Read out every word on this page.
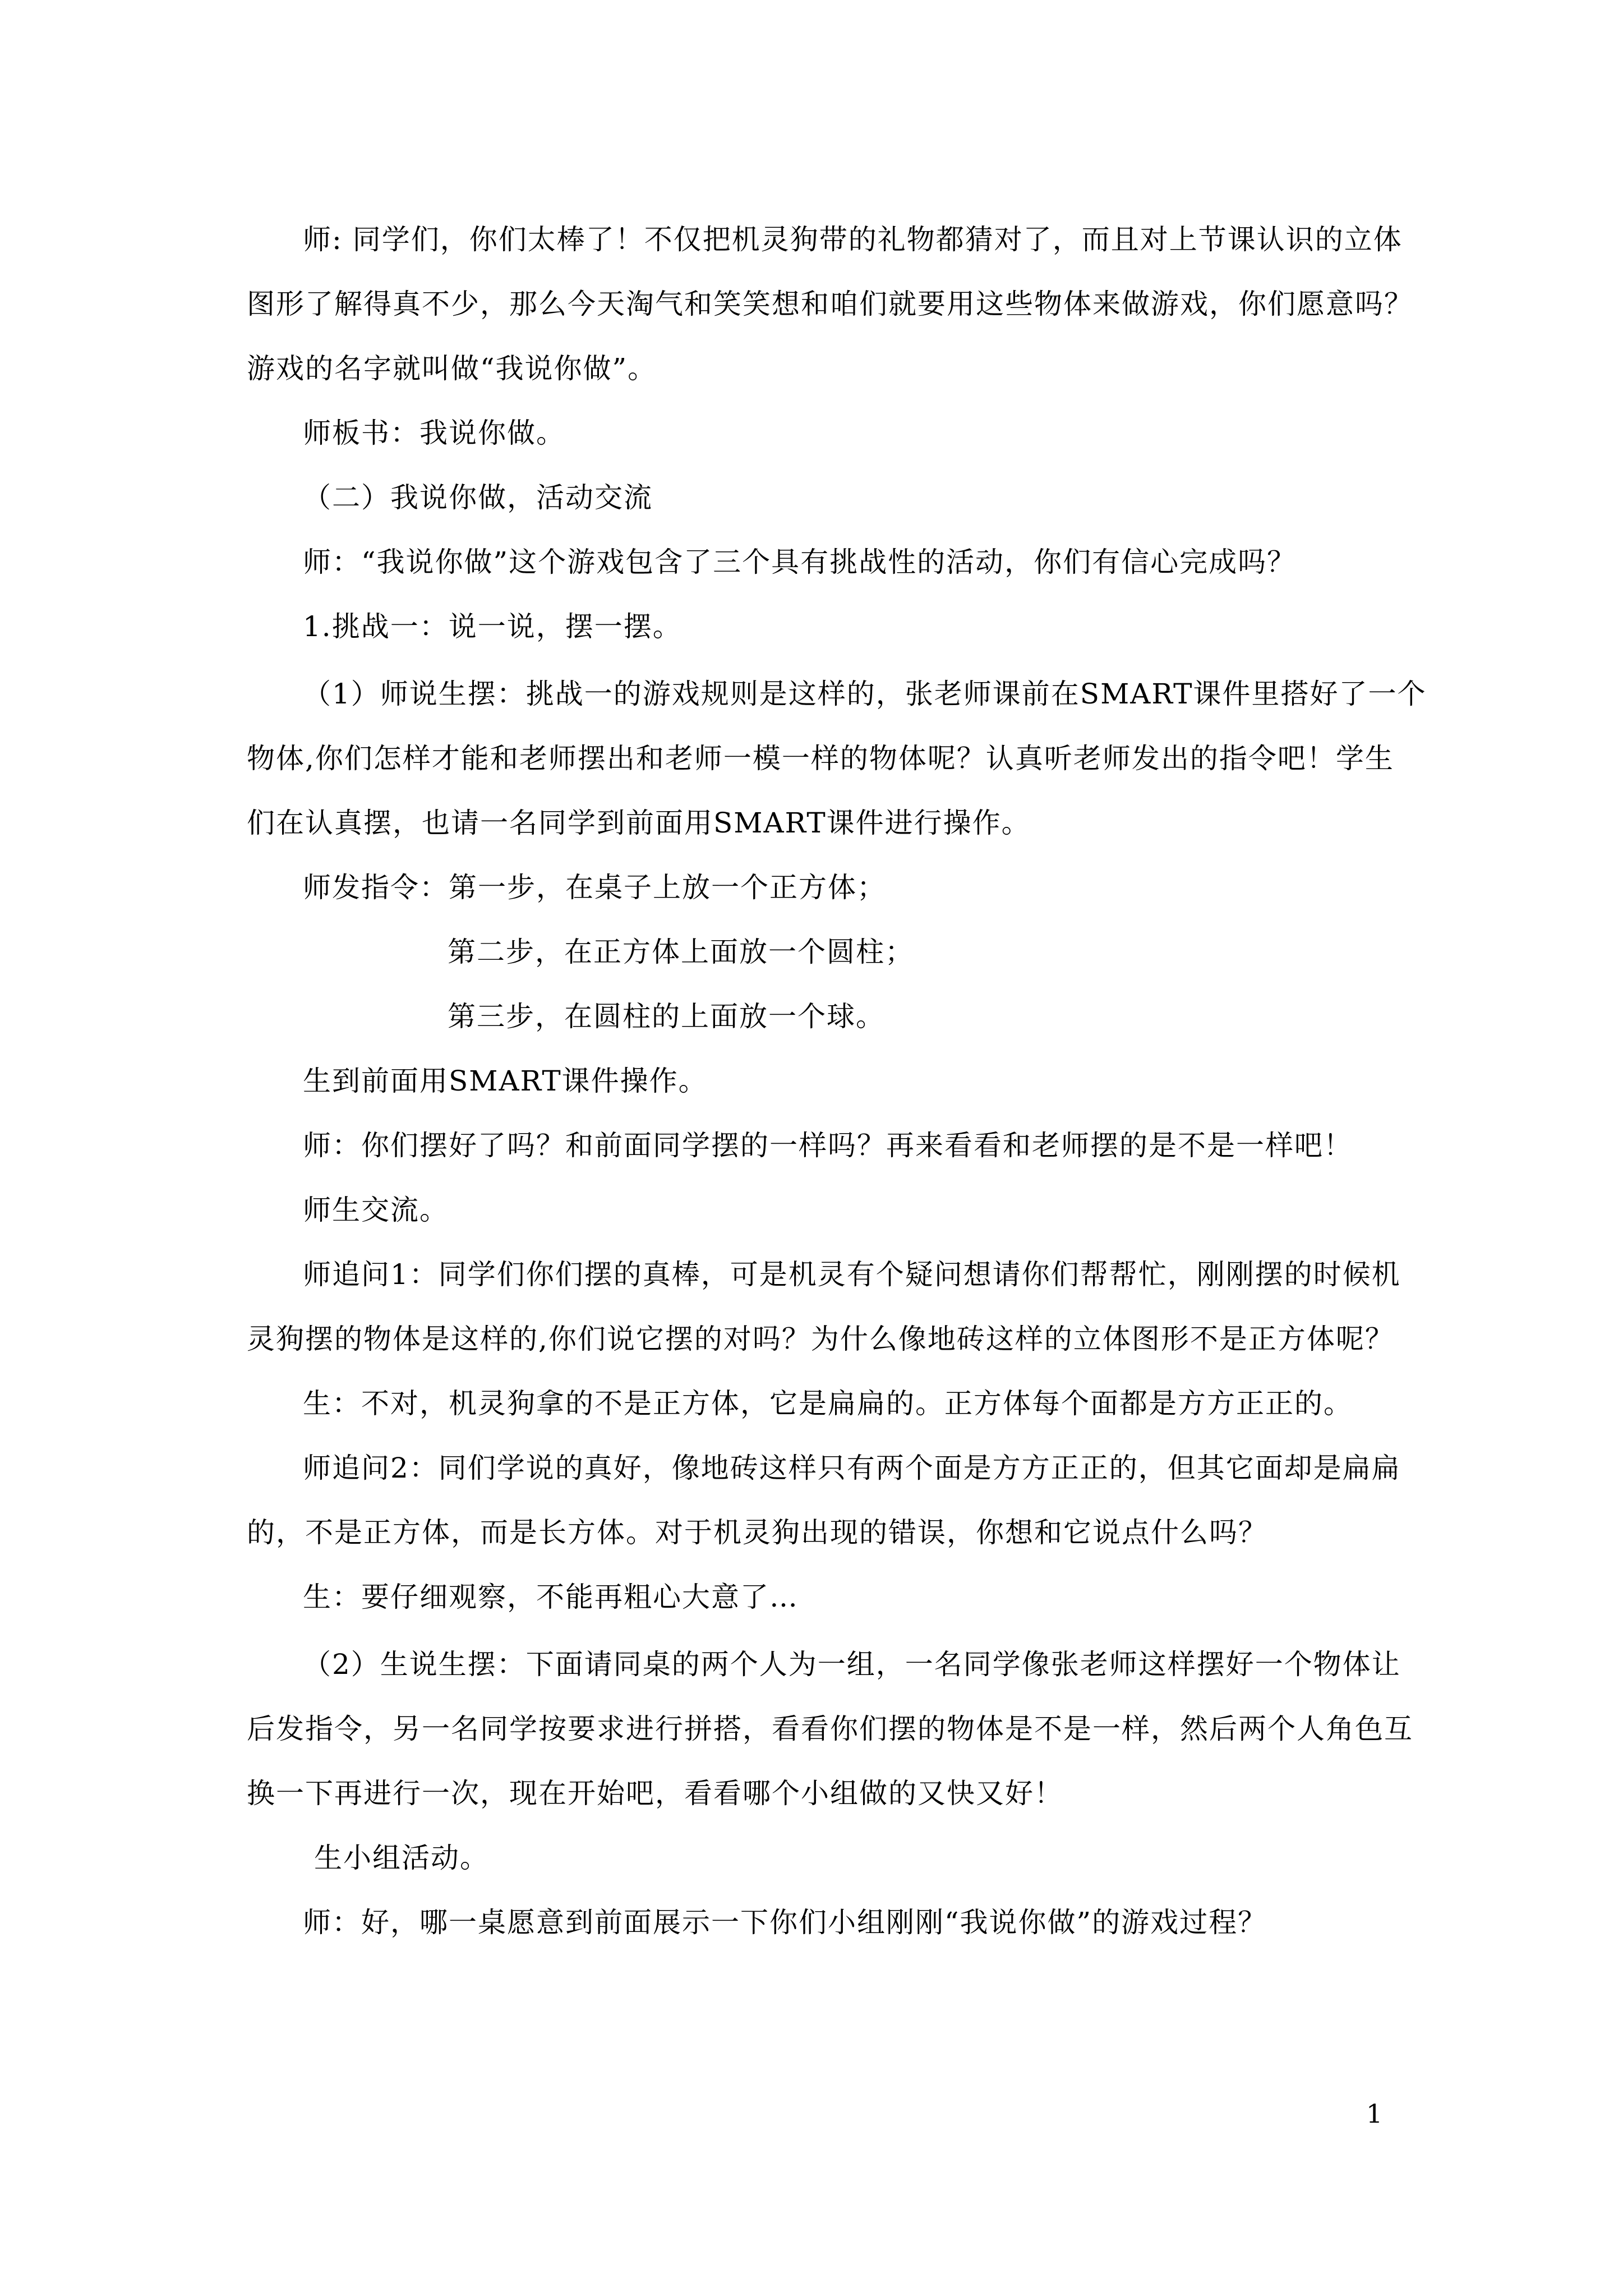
师: 同学们，你们太棒了！不仅把机灵狗带的礼物都猜对了，而且对上节课认识的立体
图形了解得真不少，那么今天淘气和笑笑想和咱们就要用这些物体来做游戏，你们愿意吗？
游戏的名字就叫做“我说你做”。
师板书：我说你做。
（二）我说你做，活动交流
师：“我说你做”这个游戏包含了三个具有挑战性的活动，你们有信心完成吗？
1.挑战一：说一说，摆一摆。
（1）师说生摆：挑战一的游戏规则是这样的，张老师课前在SMART课件里搭好了一个
物体,你们怎样才能和老师摆出和老师一模一样的物体呢？认真听老师发出的指令吧！学生
们在认真摆，也请一名同学到前面用SMART课件进行操作。
师发指令：第一步，在桌子上放一个正方体；
第二步，在正方体上面放一个圆柱；
第三步，在圆柱的上面放一个球。
生到前面用SMART课件操作。
师：你们摆好了吗？和前面同学摆的一样吗？再来看看和老师摆的是不是一样吧！
师生交流。
师追问1：同学们你们摆的真棒，可是机灵有个疑问想请你们帮帮忙，刚刚摆的时候机
灵狗摆的物体是这样的,你们说它摆的对吗？为什么像地砖这样的立体图形不是正方体呢？
生：不对，机灵狗拿的不是正方体，它是扁扁的。正方体每个面都是方方正正的。
师追问2：同们学说的真好，像地砖这样只有两个面是方方正正的，但其它面却是扁扁
的，不是正方体，而是长方体。对于机灵狗出现的错误，你想和它说点什么吗？
生：要仔细观察，不能再粗心大意了…
（2）生说生摆：下面请同桌的两个人为一组，一名同学像张老师这样摆好一个物体让
后发指令，另一名同学按要求进行拼搭，看看你们摆的物体是不是一样，然后两个人角色互
换一下再进行一次，现在开始吧，看看哪个小组做的又快又好！
生小组活动。
师：好，哪一桌愿意到前面展示一下你们小组刚刚“我说你做”的游戏过程？
1
